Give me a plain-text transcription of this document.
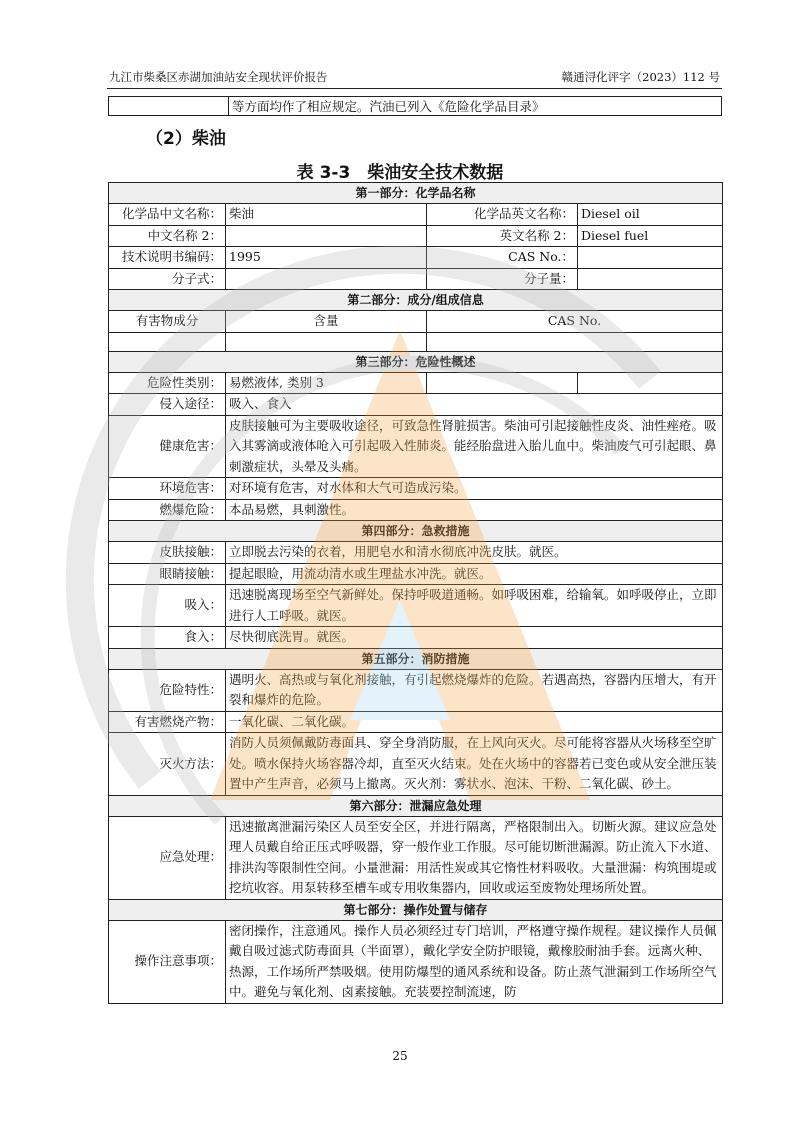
九江市柴桑区赤湖加油站安全现状评价报告	赣通浔化评字（2023）112 号
	等方面均作了相应规定。汽油已列入《危险化学品目录》
（2）柴油
表 3-3　柴油安全技术数据
第一部分：化学品名称			
化学品中文名称：	柴油	化学品英文名称：	Diesel oil
中文名称 2：		英文名称 2：	Diesel fuel
技术说明书编码：	1995	CAS No.：	
分子式：		分子量：	
第二部分：成分/组成信息			
有害物成分	含量	CAS No.	

第三部分：危险性概述			
危险性类别：	易燃液体, 类别 3		

侵入途径：	吸入、食入		
健康危害：	皮肤接触可为主要吸收途径，可致急性肾脏损害。柴油可引起接触性皮炎、油性痤疮。吸入其雾滴或液体呛入可引起吸入性肺炎。能经胎盘进入胎儿血中。柴油废气可引起眼、鼻刺激症状，头晕及头痛。		
环境危害：	对环境有危害，对水体和大气可造成污染。		
燃爆危险：	本品易燃，具刺激性。		
第四部分：急救措施			
皮肤接触：	立即脱去污染的衣着，用肥皂水和清水彻底冲洗皮肤。就医。		
眼睛接触：	提起眼睑，用流动清水或生理盐水冲洗。就医。		
吸入：	迅速脱离现场至空气新鲜处。保持呼吸道通畅。如呼吸困难，给输氧。如呼吸停止，立即进行人工呼吸。就医。		
食入：	尽快彻底洗胃。就医。		
第五部分：消防措施			
危险特性：	遇明火、高热或与氧化剂接触，有引起燃烧爆炸的危险。若遇高热，容器内压增大，有开裂和爆炸的危险。		
有害燃烧产物：	一氧化碳、二氧化碳。		
灭火方法：	消防人员须佩戴防毒面具、穿全身消防服，在上风向灭火。尽可能将容器从火场移至空旷处。喷水保持火场容器冷却，直至灭火结束。处在火场中的容器若已变色或从安全泄压装置中产生声音，必须马上撤离。灭火剂：雾状水、泡沫、干粉、二氧化碳、砂土。		
第六部分：泄漏应急处理			
应急处理：	迅速撤离泄漏污染区人员至安全区，并进行隔离，严格限制出入。切断火源。建议应急处理人员戴自给正压式呼吸器，穿一般作业工作服。尽可能切断泄漏源。防止流入下水道、排洪沟等限制性空间。小量泄漏：用活性炭或其它惰性材料吸收。大量泄漏：构筑围堤或挖坑收容。用泵转移至槽车或专用收集器内，回收或运至废物处理场所处置。		
第七部分：操作处置与储存			
操作注意事项：	密闭操作，注意通风。操作人员必须经过专门培训，严格遵守操作规程。建议操作人员佩戴自吸过滤式防毒面具（半面罩），戴化学安全防护眼镜，戴橡胶耐油手套。远离火种、热源，工作场所严禁吸烟。使用防爆型的通风系统和设备。防止蒸气泄漏到工作场所空气中。避免与氧化剂、卤素接触。充装要控制流速，防		
25
